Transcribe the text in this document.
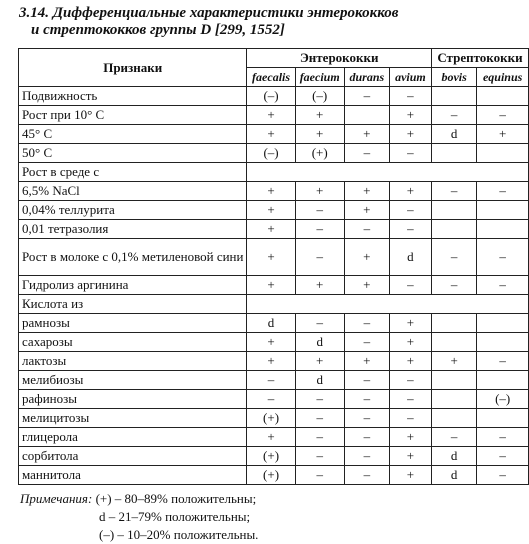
3.14. Дифференциальные характеристики энтерококков
и стрептококков группы D [299, 1552]
Признаки	Энтерококки				Стрептококки	
	faecalis	faecium	durans	avium	bovis	equinus
Подвижность	(–)	(–)	–	–		
Рост при 10° С	+	+		+	–	–
45° С	+	+	+	+	d	+
50° С	(–)	(+)	–	–		
Рост в среде с						
6,5% NaCl	+	+	+	+	–	–
0,04% теллурита	+	–	+	–		
0,01 тетразолия	+	–	–	–		
Рост в молоке с 0,1% метиленовой сини	+	–	+	d	–	–
Гидролиз аргинина	+	+	+	–	–	–
Кислота из						
рамнозы	d	–	–	+		
сахарозы	+	d	–	+		
лактозы	+	+	+	+	+	–
мелибиозы	–	d	–	–		
рафинозы	–	–	–	–		(–)
мелицитозы	(+)	–	–	–		
глицерола	+	–	–	+	–	–
сорбитола	(+)	–	–	+	d	–
маннитола	(+)	–	–	+	d	–
Примечания: (+) – 80–89% положительны;
d – 21–79% положительны;
(–) – 10–20% положительны.
